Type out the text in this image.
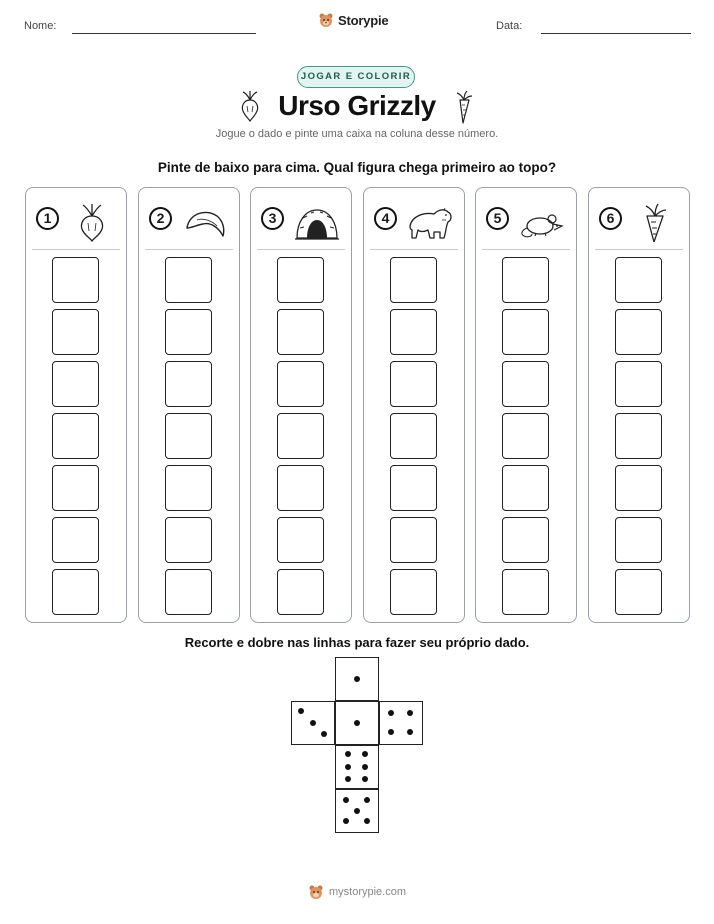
Nome:	Storypie	Data:
JOGAR E COLORIR
Urso Grizzly
Jogue o dado e pinte uma caixa na coluna desse número.
Pinte de baixo para cima. Qual figura chega primeiro ao topo?
1	2	3	4	5	6
Recorte e dobre nas linhas para fazer seu próprio dado.
mystorypie.com
